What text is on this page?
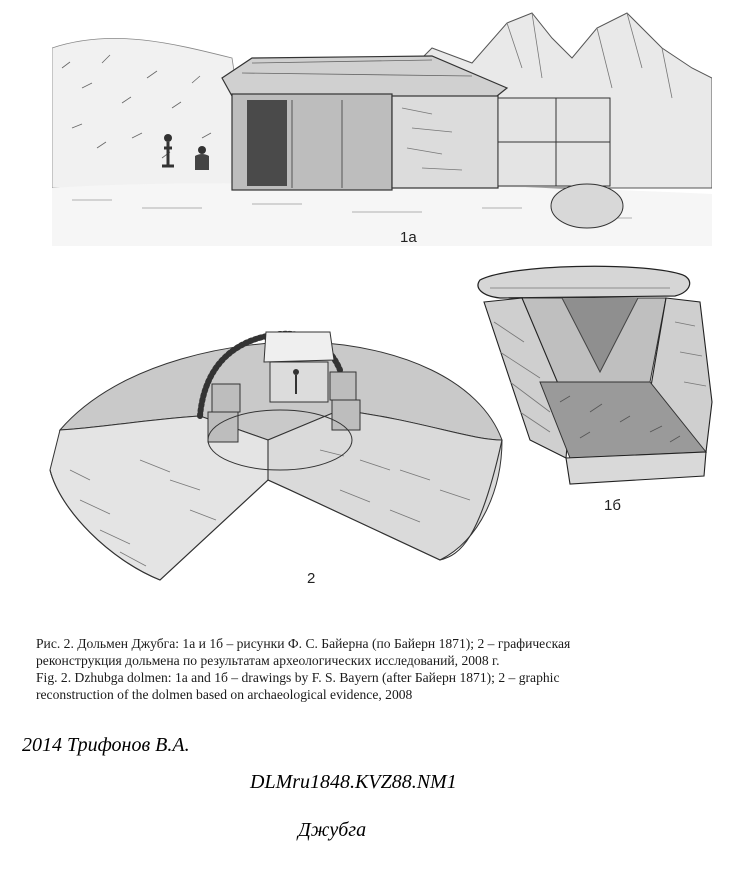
1а
1б
2
Рис. 2. Дольмен Джубга: 1а и 1б – рисунки Ф. С. Байерна (по Байерн 1871); 2 – графическая
реконструкция дольмена по результатам археологических исследований, 2008 г.
Fig. 2. Dzhubga dolmen: 1a and 1б – drawings by F. S. Bayern (after Байерн 1871); 2 – graphic
reconstruction of the dolmen based on archaeological evidence, 2008
2014 Трифонов В.А.
DLMru1848.KVZ88.NM1
Джубга
